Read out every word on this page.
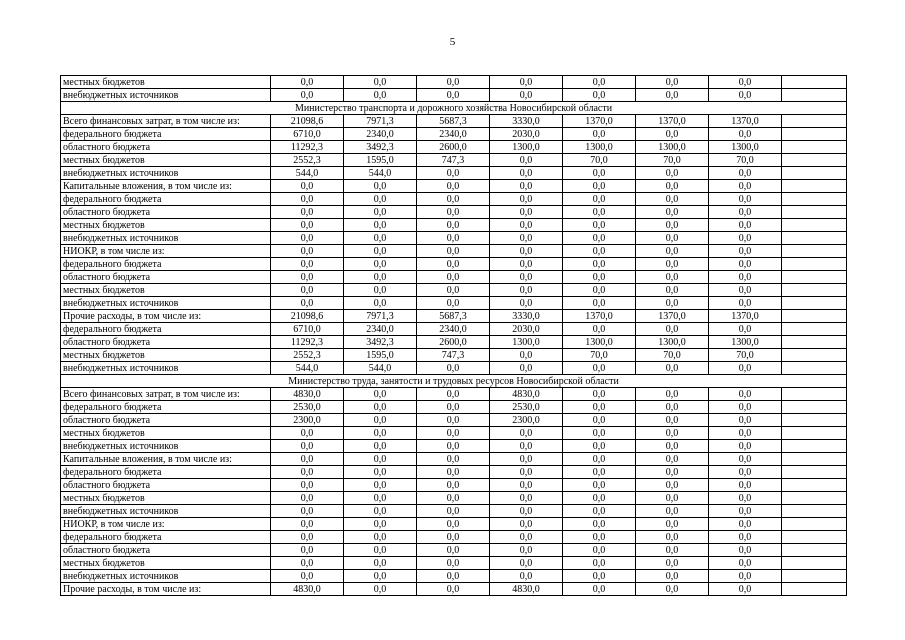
5
местных бюджетов	0,0	0,0	0,0	0,0	0,0	0,0	0,0	
внебюджетных источников	0,0	0,0	0,0	0,0	0,0	0,0	0,0	
Министерство транспорта и дорожного хозяйства Новосибирской области								
Всего финансовых затрат, в том числе из:	21098,6	7971,3	5687,3	3330,0	1370,0	1370,0	1370,0	
федерального бюджета	6710,0	2340,0	2340,0	2030,0	0,0	0,0	0,0	
областного бюджета	11292,3	3492,3	2600,0	1300,0	1300,0	1300,0	1300,0	
местных бюджетов	2552,3	1595,0	747,3	0,0	70,0	70,0	70,0	
внебюджетных источников	544,0	544,0	0,0	0,0	0,0	0,0	0,0	
Капитальные вложения, в том числе из:	0,0	0,0	0,0	0,0	0,0	0,0	0,0	
федерального бюджета	0,0	0,0	0,0	0,0	0,0	0,0	0,0	
областного бюджета	0,0	0,0	0,0	0,0	0,0	0,0	0,0	
местных бюджетов	0,0	0,0	0,0	0,0	0,0	0,0	0,0	
внебюджетных источников	0,0	0,0	0,0	0,0	0,0	0,0	0,0	
НИОКР, в том числе из:	0,0	0,0	0,0	0,0	0,0	0,0	0,0	
федерального бюджета	0,0	0,0	0,0	0,0	0,0	0,0	0,0	
областного бюджета	0,0	0,0	0,0	0,0	0,0	0,0	0,0	
местных бюджетов	0,0	0,0	0,0	0,0	0,0	0,0	0,0	
внебюджетных источников	0,0	0,0	0,0	0,0	0,0	0,0	0,0	
Прочие расходы, в том числе из:	21098,6	7971,3	5687,3	3330,0	1370,0	1370,0	1370,0	
федерального бюджета	6710,0	2340,0	2340,0	2030,0	0,0	0,0	0,0	
областного бюджета	11292,3	3492,3	2600,0	1300,0	1300,0	1300,0	1300,0	
местных бюджетов	2552,3	1595,0	747,3	0,0	70,0	70,0	70,0	
внебюджетных источников	544,0	544,0	0,0	0,0	0,0	0,0	0,0	
Министерство труда, занятости и трудовых ресурсов Новосибирской области								
Всего финансовых затрат, в том числе из:	4830,0	0,0	0,0	4830,0	0,0	0,0	0,0	
федерального бюджета	2530,0	0,0	0,0	2530,0	0,0	0,0	0,0	
областного бюджета	2300,0	0,0	0,0	2300,0	0,0	0,0	0,0	
местных бюджетов	0,0	0,0	0,0	0,0	0,0	0,0	0,0	
внебюджетных источников	0,0	0,0	0,0	0,0	0,0	0,0	0,0	
Капитальные вложения, в том числе из:	0,0	0,0	0,0	0,0	0,0	0,0	0,0	
федерального бюджета	0,0	0,0	0,0	0,0	0,0	0,0	0,0	
областного бюджета	0,0	0,0	0,0	0,0	0,0	0,0	0,0	
местных бюджетов	0,0	0,0	0,0	0,0	0,0	0,0	0,0	
внебюджетных источников	0,0	0,0	0,0	0,0	0,0	0,0	0,0	
НИОКР, в том числе из:	0,0	0,0	0,0	0,0	0,0	0,0	0,0	
федерального бюджета	0,0	0,0	0,0	0,0	0,0	0,0	0,0	
областного бюджета	0,0	0,0	0,0	0,0	0,0	0,0	0,0	
местных бюджетов	0,0	0,0	0,0	0,0	0,0	0,0	0,0	
внебюджетных источников	0,0	0,0	0,0	0,0	0,0	0,0	0,0	
Прочие расходы, в том числе из:	4830,0	0,0	0,0	4830,0	0,0	0,0	0,0	
